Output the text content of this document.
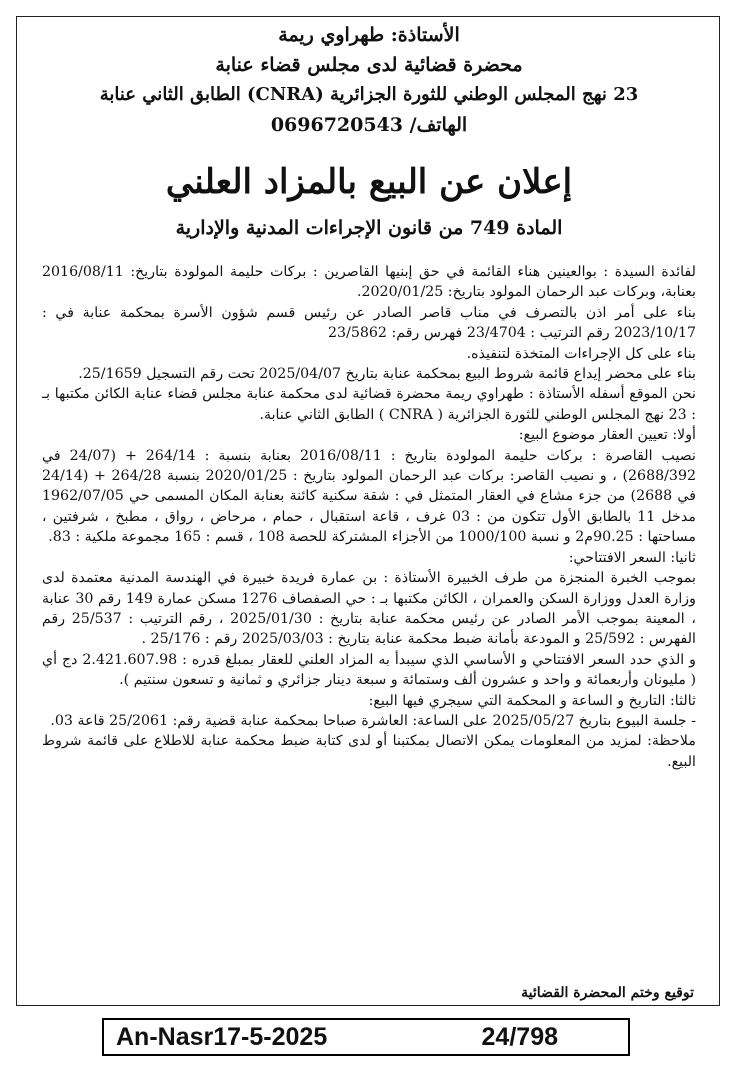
الأستاذة: طهراوي ريمة
محضرة قضائية لدى مجلس قضاء عنابة
23 نهج المجلس الوطني للثورة الجزائرية (CNRA) الطابق الثاني عنابة
الهاتف/ 0696720543
إعلان عن البيع بالمزاد العلني
المادة 749 من قانون الإجراءات المدنية والإدارية

لفائدة السيدة : بوالعينين هناء القائمة في حق إبنيها القاصرين : بركات حليمة المولودة بتاريخ: 2016/08/11 بعنابة، وبركات عبد الرحمان المولود بتاريخ: 2020/01/25.

بناء على أمر اذن بالتصرف في مناب قاصر الصادر عن رئيس قسم شؤون الأسرة بمحكمة عنابة في : 2023/10/17 رقم الترتيب : 23/4704 فهرس رقم: 23/5862

بناء على كل الإجراءات المتخذة لتنفيذه.

بناء على محضر إيداع قائمة شروط البيع بمحكمة عنابة بتاريخ 2025/04/07 تحت رقم التسجيل 25/1659.

نحن الموقع أسفله الأستاذة : طهراوي ريمة محضرة قضائية لدى محكمة عنابة مجلس قضاء عنابة الكائن مكتبها بـ : 23 نهج المجلس الوطني للثورة الجزائرية ( CNRA ) الطابق الثاني عنابة.

أولا: تعيين العقار موضوع البيع:

نصيب القاصرة : بركات حليمة المولودة بتاريخ : 2016/08/11 بعنابة بنسبة : 264/14 + (24/07 في 2688/392) ، و نصيب القاصر: بركات عبد الرحمان المولود بتاريخ : 2020/01/25 بنسبة 264/28 + (24/14 في 2688) من جزء مشاع في العقار المتمثل في : شقة سكنية كائنة بعنابة المكان المسمى حي 1962/07/05 مدخل 11 بالطابق الأول تتكون من : 03 غرف ، قاعة استقبال ، حمام ، مرحاض ، رواق ، مطبخ ، شرفتين ، مساحتها : 90.25م2 و نسبة 1000/100 من الأجزاء المشتركة للحصة 108 ، قسم : 165 مجموعة ملكية : 83.

ثانيا: السعر الافتتاحي:

بموجب الخبرة المنجزة من طرف الخبيرة الأستاذة : بن عمارة فريدة خبيرة في الهندسة المدنية معتمدة لدى وزارة العدل ووزارة السكن والعمران ، الكائن مكتبها بـ : حي الصفصاف 1276 مسكن عمارة 149 رقم 30 عنابة ، المعينة بموجب الأمر الصادر عن رئيس محكمة عنابة بتاريخ : 2025/01/30 ، رقم الترتيب : 25/537 رقم الفهرس : 25/592 و المودعة بأمانة ضبط محكمة عنابة بتاريخ : 2025/03/03 رقم : 25/176 .

و الذي حدد السعر الافتتاحي و الأساسي الذي سيبدأ به المزاد العلني للعقار بمبلغ قدره : 2.421.607.98 دج أي ( مليونان وأربعمائة و واحد و عشرون ألف وستمائة و سبعة دينار جزائري و ثمانية و تسعون سنتيم ).

ثالثا: التاريخ و الساعة و المحكمة التي سيجري فيها البيع:

- جلسة البيوع بتاريخ 2025/05/27 على الساعة: العاشرة صباحا بمحكمة عنابة قضية رقم: 25/2061 قاعة 03.

ملاحظة: لمزيد من المعلومات يمكن الاتصال بمكتبنا أو لدى كتابة ضبط محكمة عنابة للاطلاع على قائمة شروط البيع.

توقيع وختم المحضرة القضائية
An-Nasr17-5-2025	24/798
